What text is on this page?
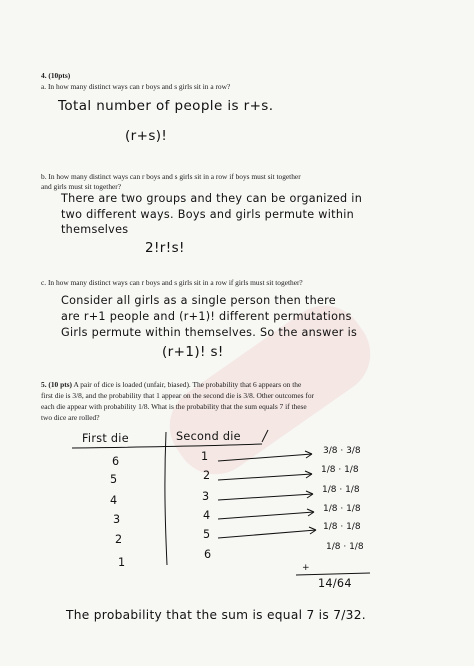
4. (10pts)
a. In how many distinct ways can r boys and s girls sit in a row?
Total number of people is r+s.
(r+s)!
b. In how many distinct ways can r boys and s girls sit in a row if boys must sit together
and girls must sit together?
There are two groups and they can be organized in
two different ways. Boys and girls permute within
themselves
2!r!s!
c. In how many distinct ways can r boys and s girls sit in a row if girls must sit together?
Consider all girls as a single person then there
are r+1 people and (r+1)! different permutations
Girls permute within themselves. So the answer is
(r+1)! s!
5. (10 pts) A pair of dice is loaded (unfair, biased). The probability that 6 appears on the
first die is 3/8, and the probability that 1 appear on the second die is 3/8. Other outcomes for
each die appear with probability 1/8. What is the probability that the sum equals 7 if these
two dice are rolled?
First die	Second die
6
5
4
3
2
1
1
2
3
4
5
6
3/8 · 3/8
1/8 · 1/8
1/8 · 1/8
1/8 · 1/8
1/8 · 1/8
1/8 · 1/8
+
14/64
The probability that the sum is equal 7 is 7/32.
